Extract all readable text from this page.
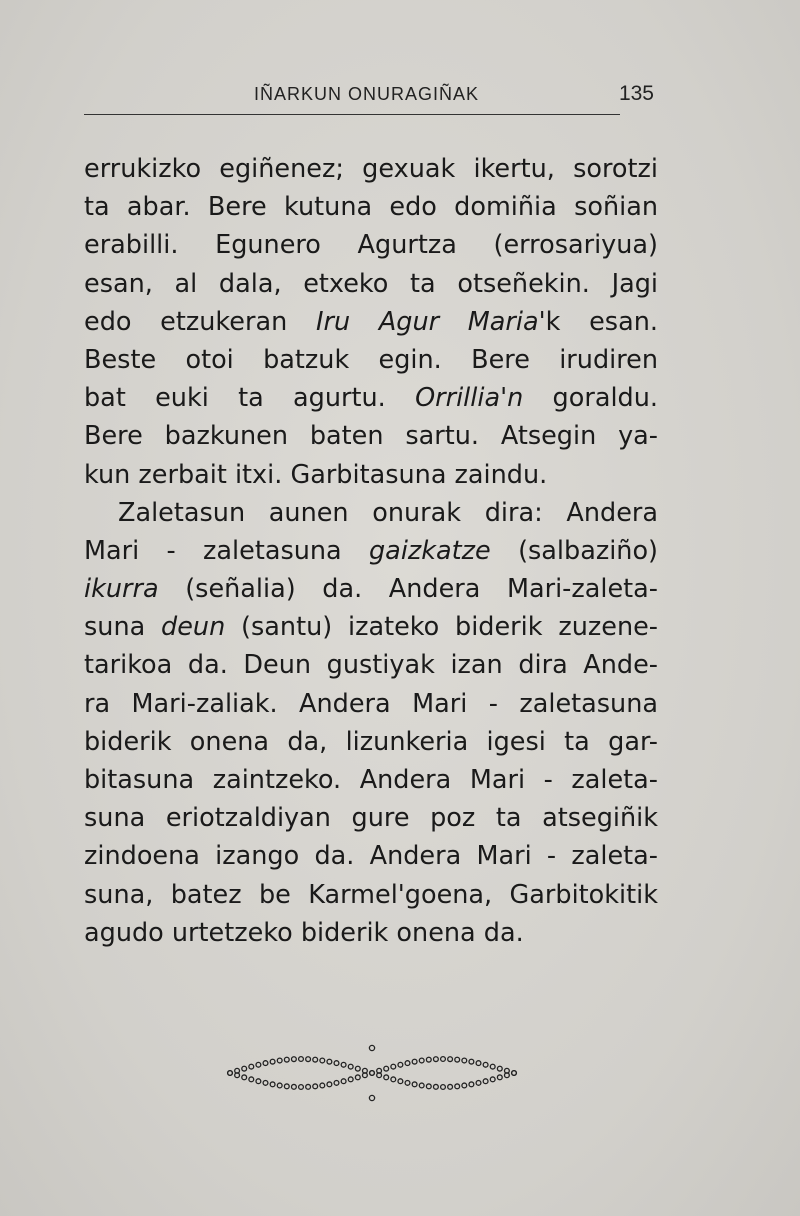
IÑARKUN ONURAGIÑAK	135
errukizko egiñenez; gexuak ikertu, sorotzi
ta abar. Bere kutuna edo domiñia soñian
erabilli. Egunero Agurtza (errosariyua)
esan, al dala, etxeko ta otseñekin. Jagi
edo etzukeran Iru Agur Maria'k esan.
Beste otoi batzuk egin. Bere irudiren
bat euki ta agurtu. Orrillia'n goraldu.
Bere bazkunen baten sartu. Atsegin ya-
kun zerbait itxi. Garbitasuna zaindu.
Zaletasun aunen onurak dira: Andera
Mari - zaletasuna gaizkatze (salbaziño)
ikurra (señalia) da. Andera Mari-zaleta-
suna deun (santu) izateko biderik zuzene-
tarikoa da. Deun gustiyak izan dira Ande-
ra Mari-zaliak. Andera Mari - zaletasuna
biderik onena da, lizunkeria igesi ta gar-
bitasuna zaintzeko. Andera Mari - zaleta-
suna eriotzaldiyan gure poz ta atsegiñik
zindoena izango da. Andera Mari - zaleta-
suna, batez be Karmel'goena, Garbitokitik
agudo urtetzeko biderik onena da.
